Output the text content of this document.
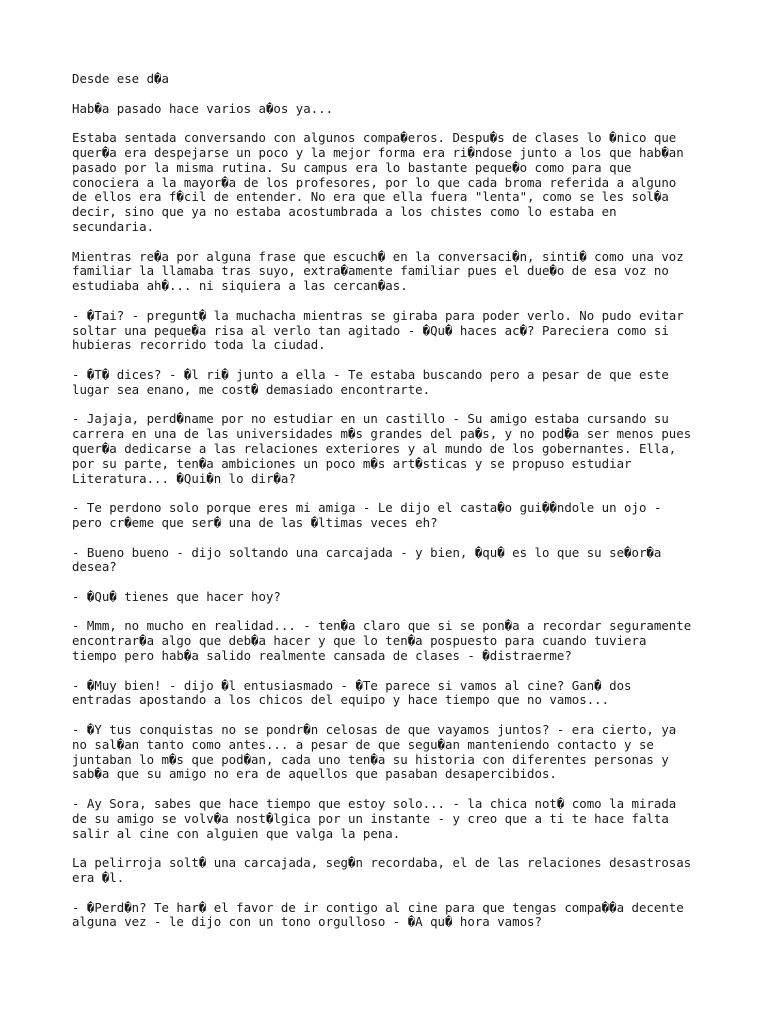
Desde ese d�a

Hab�a pasado hace varios a�os ya...

Estaba sentada conversando con algunos compa�eros. Despu�s de clases lo �nico que
quer�a era despejarse un poco y la mejor forma era ri�ndose junto a los que hab�an
pasado por la misma rutina. Su campus era lo bastante peque�o como para que
conociera a la mayor�a de los profesores, por lo que cada broma referida a alguno
de ellos era f�cil de entender. No era que ella fuera "lenta", como se les sol�a
decir, sino que ya no estaba acostumbrada a los chistes como lo estaba en
secundaria.

Mientras re�a por alguna frase que escuch� en la conversaci�n, sinti� como una voz
familiar la llamaba tras suyo, extra�amente familiar pues el due�o de esa voz no
estudiaba ah�... ni siquiera a las cercan�as.

- �Tai? - pregunt� la muchacha mientras se giraba para poder verlo. No pudo evitar
soltar una peque�a risa al verlo tan agitado - �Qu� haces ac�? Pareciera como si
hubieras recorrido toda la ciudad.

- �T� dices? - �l ri� junto a ella - Te estaba buscando pero a pesar de que este
lugar sea enano, me cost� demasiado encontrarte.

- Jajaja, perd�name por no estudiar en un castillo - Su amigo estaba cursando su
carrera en una de las universidades m�s grandes del pa�s, y no pod�a ser menos pues
quer�a dedicarse a las relaciones exteriores y al mundo de los gobernantes. Ella,
por su parte, ten�a ambiciones un poco m�s art�sticas y se propuso estudiar
Literatura... �Qui�n lo dir�a?

- Te perdono solo porque eres mi amiga - Le dijo el casta�o gui��ndole un ojo -
pero cr�eme que ser� una de las �ltimas veces eh?

- Bueno bueno - dijo soltando una carcajada - y bien, �qu� es lo que su se�or�a
desea?

- �Qu� tienes que hacer hoy?

- Mmm, no mucho en realidad... - ten�a claro que si se pon�a a recordar seguramente
encontrar�a algo que deb�a hacer y que lo ten�a pospuesto para cuando tuviera
tiempo pero hab�a salido realmente cansada de clases - �distraerme?

- �Muy bien! - dijo �l entusiasmado - �Te parece si vamos al cine? Gan� dos
entradas apostando a los chicos del equipo y hace tiempo que no vamos...

- �Y tus conquistas no se pondr�n celosas de que vayamos juntos? - era cierto, ya
no sal�an tanto como antes... a pesar de que segu�an manteniendo contacto y se
juntaban lo m�s que pod�an, cada uno ten�a su historia con diferentes personas y
sab�a que su amigo no era de aquellos que pasaban desapercibidos.

- Ay Sora, sabes que hace tiempo que estoy solo... - la chica not� como la mirada
de su amigo se volv�a nost�lgica por un instante - y creo que a ti te hace falta
salir al cine con alguien que valga la pena.

La pelirroja solt� una carcajada, seg�n recordaba, el de las relaciones desastrosas
era �l.

- �Perd�n? Te har� el favor de ir contigo al cine para que tengas compa��a decente
alguna vez - le dijo con un tono orgulloso - �A qu� hora vamos?
